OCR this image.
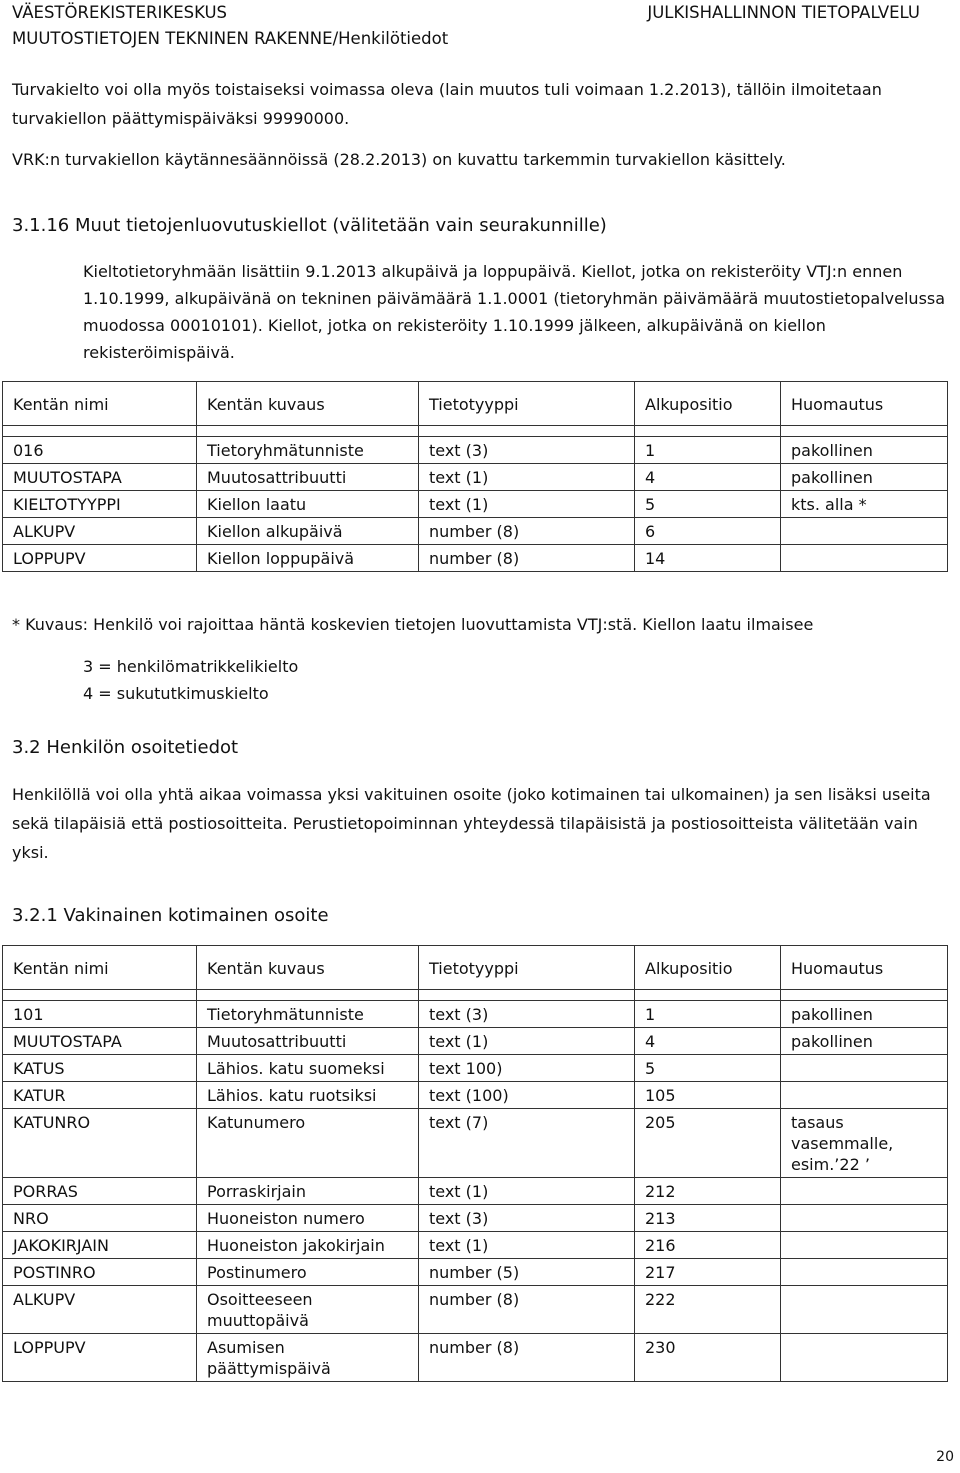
VÄESTÖREKISTERIKESKUS
MUUTOSTIETOJEN TEKNINEN RAKENNE/Henkilötiedot
JULKISHALLINNON TIETOPALVELU

Turvakielto voi olla myös toistaiseksi voimassa oleva (lain muutos tuli voimaan 1.2.2013), tällöin ilmoitetaan turvakiellon päättymispäiväksi 99990000.

VRK:n turvakiellon käytännesäännöissä (28.2.2013) on kuvattu tarkemmin turvakiellon käsittely.

3.1.16 Muut tietojenluovutuskiellot (välitetään vain seurakunnille)

Kieltotietoryhmään lisättiin 9.1.2013 alkupäivä ja loppupäivä. Kiellot, jotka on rekisteröity VTJ:n ennen 1.10.1999, alkupäivänä on tekninen päivämäärä 1.1.0001 (tietoryhmän päivämäärä muutostietopalvelussa muodossa 00010101). Kiellot, jotka on rekisteröity 1.10.1999 jälkeen, alkupäivänä on kiellon rekisteröimispäivä.

Kentän nimi	Kentän kuvaus	Tietotyyppi	Alkupositio	Huomautus

016	Tietoryhmätunniste	text (3)	1	pakollinen
MUUTOSTAPA	Muutosattribuutti	text (1)	4	pakollinen
KIELTOTYYPPI	Kiellon laatu	text (1)	5	kts. alla *
ALKUPV	Kiellon alkupäivä	number (8)	6	
LOPPUPV	Kiellon loppupäivä	number (8)	14	

* Kuvaus: Henkilö voi rajoittaa häntä koskevien tietojen luovuttamista VTJ:stä. Kiellon laatu ilmaisee

3 = henkilömatrikkelikielto
4 = sukututkimuskielto
3.2 Henkilön osoitetiedot

Henkilöllä voi olla yhtä aikaa voimassa yksi vakituinen osoite (joko kotimainen tai ulkomainen) ja sen lisäksi useita sekä tilapäisiä että postiosoitteita. Perustietopoiminnan yhteydessä tilapäisistä ja postiosoitteista välitetään vain yksi.

3.2.1 Vakinainen kotimainen osoite
Kentän nimi	Kentän kuvaus	Tietotyyppi	Alkupositio	Huomautus

101	Tietoryhmätunniste	text (3)	1	pakollinen
MUUTOSTAPA	Muutosattribuutti	text (1)	4	pakollinen
KATUS	Lähios. katu suomeksi	text 100)	5	
KATUR	Lähios. katu ruotsiksi	text (100)	105	
KATUNRO	Katunumero	text (7)	205	tasaus vasemmalle, esim.’22 ’
PORRAS	Porraskirjain	text (1)	212	
NRO	Huoneiston numero	text (3)	213	
JAKOKIRJAIN	Huoneiston jakokirjain	text (1)	216	
POSTINRO	Postinumero	number (5)	217	
ALKUPV	Osoitteeseen muuttopäivä	number (8)	222	
LOPPUPV	Asumisen päättymispäivä	number (8)	230	
20
